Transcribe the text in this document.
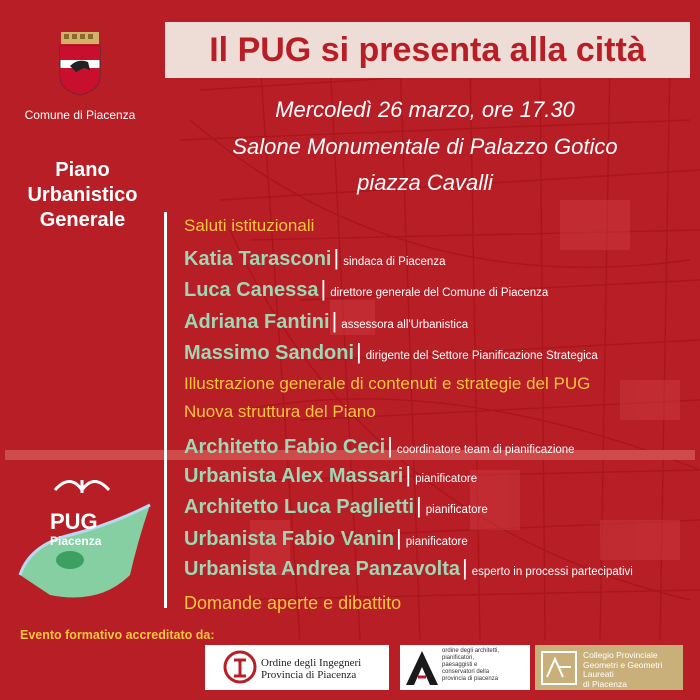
Comune di Piacenza
Piano
Urbanistico
Generale
PUG
Piacenza
Il PUG si presenta alla città
Mercoledì 26 marzo, ore 17.30
Salone Monumentale di Palazzo Gotico
piazza Cavalli
Saluti istituzionali
Katia Tarasconi| sindaca di Piacenza
Luca Canessa| direttore generale del Comune di Piacenza
Adriana Fantini| assessora all'Urbanistica
Massimo Sandoni| dirigente del Settore Pianificazione Strategica
Illustrazione generale di contenuti e strategie del PUG
Nuova struttura del Piano
Architetto Fabio Ceci| coordinatore team di pianificazione
Urbanista Alex Massari| pianificatore
Architetto Luca Paglietti| pianificatore
Urbanista Fabio Vanin| pianificatore
Urbanista Andrea Panzavolta| esperto in processi partecipativi
Domande aperte e dibattito
Evento formativo accreditato da:
Ordine degli Ingegneri
Provincia di Piacenza
ordine degli architetti,
pianificatori,
paesaggisti e
conservatori della
provincia di piacenza
Collegio Provinciale
Geometri e Geometri Laureati
di Piacenza
